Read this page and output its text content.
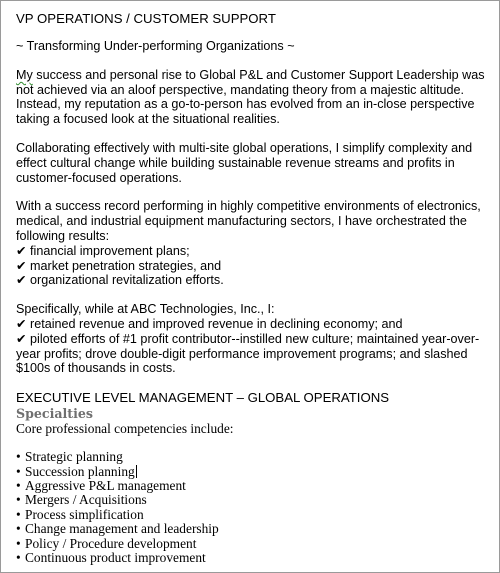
VP OPERATIONS / CUSTOMER SUPPORT
~ Transforming Under-performing Organizations ~

My success and personal rise to Global P&L and Customer Support Leadership was not achieved via an aloof perspective, mandating theory from a majestic altitude. Instead, my reputation as a go-to-person has evolved from an in-close perspective taking a focused look at the situational realities.

Collaborating effectively with multi-site global operations, I simplify complexity and effect cultural change while building sustainable revenue streams and profits in customer-focused operations.

With a success record performing in highly competitive environments of electronics, medical, and industrial equipment manufacturing sectors, I have orchestrated the following results:

✔ financial improvement plans;
✔ market penetration strategies, and
✔ organizational revitalization efforts.

Specifically, while at ABC Technologies, Inc., I:

✔ retained revenue and improved revenue in declining economy; and
✔ piloted efforts of #1 profit contributor--instilled new culture; maintained year-over-year profits; drove double-digit performance improvement programs; and slashed $100s of thousands in costs.
EXECUTIVE LEVEL MANAGEMENT – GLOBAL OPERATIONS
Specialties
Core professional competencies include:
• Strategic planning
• Succession planning
• Aggressive P&L management
• Mergers / Acquisitions
• Process simplification
• Change management and leadership
• Policy / Procedure development
• Continuous product improvement
